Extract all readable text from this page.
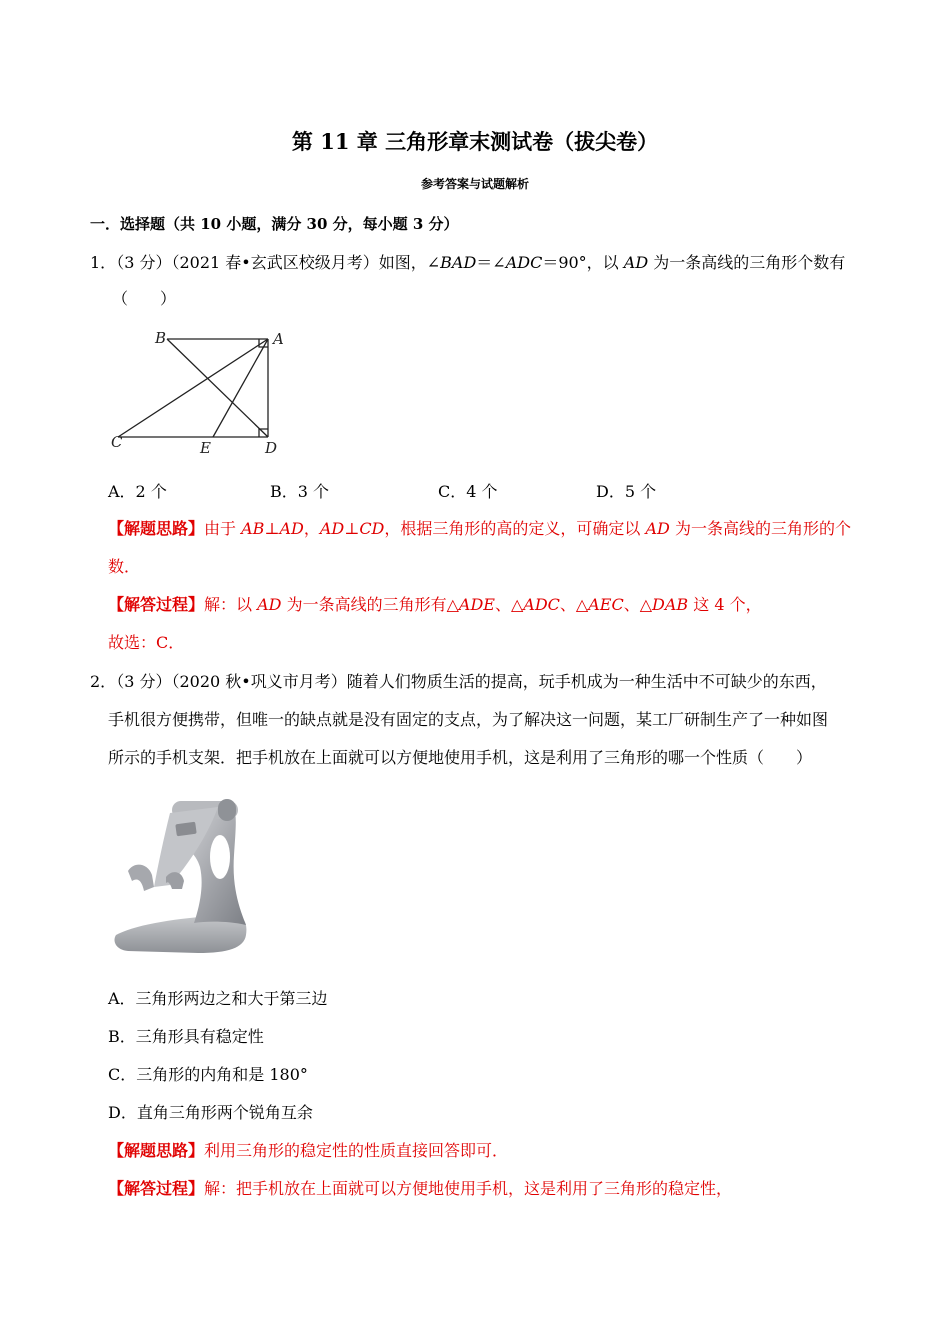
第 11 章 三角形章末测试卷（拔尖卷）
参考答案与试题解析
一．选择题（共 10 小题，满分 30 分，每小题 3 分）
1．（3 分）（2021 春•玄武区校级月考）如图，∠BAD＝∠ADC＝90°，以 AD 为一条高线的三角形个数有
（　　）
B	A
C	E	D
A．2 个	B．3 个	C．4 个	D．5 个
【解题思路】由于 AB⊥AD，AD⊥CD，根据三角形的高的定义，可确定以 AD 为一条高线的三角形的个
数．
【解答过程】解：以 AD 为一条高线的三角形有△ADE、△ADC、△AEC、△DAB 这 4 个，
故选：C．
2．（3 分）（2020 秋•巩义市月考）随着人们物质生活的提高，玩手机成为一种生活中不可缺少的东西，
手机很方便携带，但唯一的缺点就是没有固定的支点，为了解决这一问题，某工厂研制生产了一种如图
所示的手机支架．把手机放在上面就可以方便地使用手机，这是利用了三角形的哪一个性质（　　）
A．三角形两边之和大于第三边
B．三角形具有稳定性
C．三角形的内角和是 180°
D．直角三角形两个锐角互余
【解题思路】利用三角形的稳定性的性质直接回答即可．
【解答过程】解：把手机放在上面就可以方便地使用手机，这是利用了三角形的稳定性，
